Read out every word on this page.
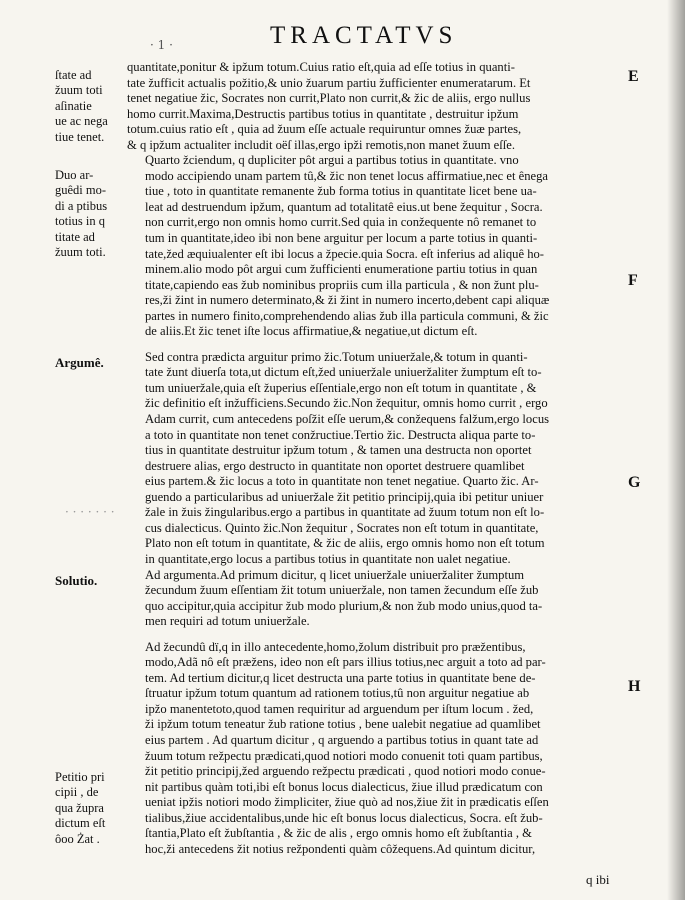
TRACTATVS
· 1 ·
ſtate ad
žuum toti
aſinatie
ue ac nega
tiue tenet.
Duo ar-
guêdi mo-
di a ptibus
totius in q
titate ad
žuum toti.
Argumê.
· · · · · · ·
Solutio.
Petitio pri
cipii , de
qua župra
dictum eſt
ôoo Żat .
E
F
G
H
quantitate,ponitur & ipžum totum.Cuius ratio eſt,quia ad eſſe totius in quanti-
tate žufficit actualis požitio,& unio žuarum partiu žufficienter enumeratarum. Et
tenet negatiue žic, Socrates non currit,Plato non currit,& žic de aliis, ergo nullus
homo currit.Maxima,Destructis partibus totius in quantitate , destruitur ipžum
totum.cuius ratio eſt , quia ad žuum eſſe actuale requiruntur omnes žuæ partes,
& q ipžum actualiter includit oëſ illas,ergo ipži remotis,non manet žuum eſſe.
Quarto žciendum, q dupliciter pôt argui a partibus totius in quantitate. vno
modo accipiendo unam partem tû,& žic non tenet locus affirmatiue,nec et ênega
tiue , toto in quantitate remanente žub forma totius in quantitate licet bene ua-
leat ad destruendum ipžum, quantum ad totalitatê eius.ut bene žequitur , Socra.
non currit,ergo non omnis homo currit.Sed quia in conžequente nô remanet to
tum in quantitate,ideo ibi non bene arguitur per locum a parte totius in quanti-
tate,žed æquiualenter eſt ibi locus a žpecie.quia Socra. eſt inferius ad aliquê ho-
minem.alio modo pôt argui cum žufficienti enumeratione partiu totius in quan
titate,capiendo eas žub nominibus propriis cum illa particula , & non žunt plu-
res,ži žint in numero determinato,& ži žint in numero incerto,debent capi aliquæ
partes in numero finito,comprehendendo alias žub illa particula communi, & žic
de aliis.Et žic tenet iſte locus affirmatiue,& negatiue,ut dictum eſt.
Sed contra prædicta arguitur primo žic.Totum uniueržale,& totum in quanti-
tate žunt diuerſa tota,ut dictum eſt,žed uniueržale uniueržaliter žumptum eſt to-
tum uniueržale,quia eſt župerius eſſentiale,ergo non eſt totum in quantitate , &
žic definitio eſt inžufficiens.Secundo žic.Non žequitur, omnis homo currit , ergo
Adam currit, cum antecedens poſžit eſſe uerum,& conžequens falžum,ergo locus
a toto in quantitate non tenet conžructiue.Tertio žic. Destructa aliqua parte to-
tius in quantitate destruitur ipžum totum , & tamen una destructa non oportet
destruere alias, ergo destructo in quantitate non oportet destruere quamlibet
eius partem.& žic locus a toto in quantitate non tenet negatiue. Quarto žic. Ar-
guendo a particularibus ad uniueržale žit petitio principij,quia ibi petitur uniuer
žale in žuis žingularibus.ergo a partibus in quantitate ad žuum totum non eſt lo-
cus dialecticus. Quinto žic.Non žequitur , Socrates non eſt totum in quantitate,
Plato non eſt totum in quantitate, & žic de aliis, ergo omnis homo non eſt totum
in quantitate,ergo locus a partibus totius in quantitate non ualet negatiue.
Ad argumenta.Ad primum dicitur, q licet uniueržale uniueržaliter žumptum
žecundum žuum eſſentiam žit totum uniueržale, non tamen žecundum eſſe žub
quo accipitur,quia accipitur žub modo plurium,& non žub modo unius,quod ta-
men requiri ad totum uniueržale.
Ad žecundû dï,q in illo antecedente,homo,žolum distribuit pro præžentibus,
modo,Adã nô eſt præžens, ideo non eſt pars illius totius,nec arguit a toto ad par-
tem. Ad tertium dicitur,q licet destructa una parte totius in quantitate bene de-
ſtruatur ipžum totum quantum ad rationem totius,tû non arguitur negatiue ab
ipžo manentetoto,quod tamen requiritur ad arguendum per iſtum locum . žed,
ži ipžum totum teneatur žub ratione totius , bene ualebit negatiue ad quamlibet
eius partem . Ad quartum dicitur , q arguendo a partibus totius in quant tate ad
žuum totum režpectu prædicati,quod notiori modo conuenit toti quam partibus,
žit petitio principij,žed arguendo režpectu prædicati , quod notiori modo conue-
nit partibus quàm toti,ibi eſt bonus locus dialecticus, žiue illud prædicatum con
ueniat ipžis notiori modo žimpliciter, žiue quò ad nos,žiue žit in prædicatis eſſen
tialibus,žiue accidentalibus,unde hic eſt bonus locus dialecticus, Socra. eſt žub-
ſtantia,Plato eſt žubſtantia , & žic de alis , ergo omnis homo eſt žubſtantia , &
hoc,ži antecedens žit notius režpondenti quàm côžequens.Ad quintum dicitur,
q ibi
